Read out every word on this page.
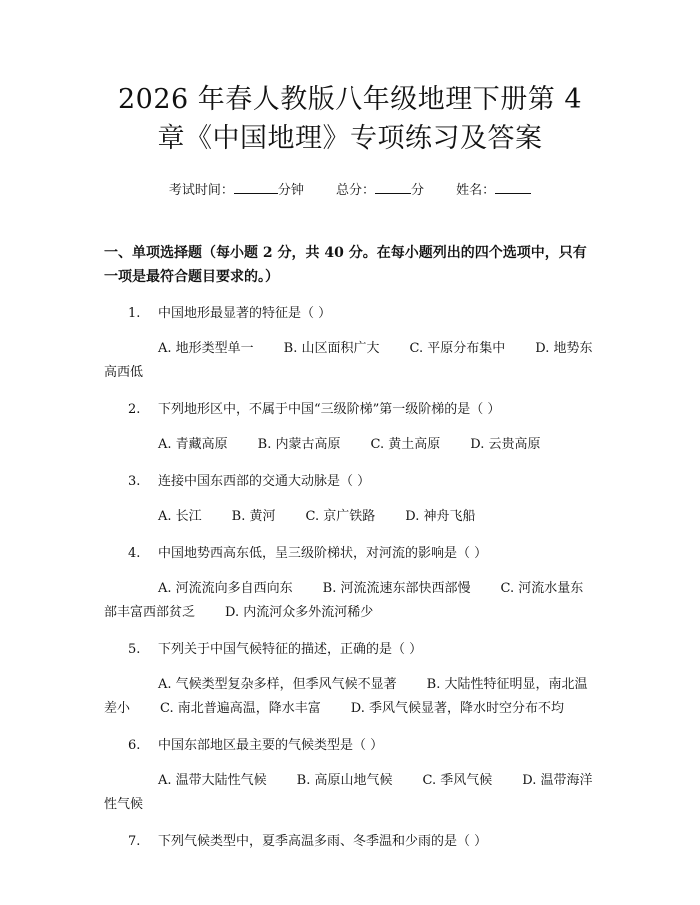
2026 年春人教版八年级地理下册第 4 章《中国地理》专项练习及答案
考试时间：	分钟 总分：	分 姓名：
一、单项选择题（每小题 2 分，共 40 分。在每小题列出的四个选项中，只有一项是最符合题目要求的。）
1. 中国地形最显著的特征是（ ）
A. 地形类型单一 B. 山区面积广大 C. 平原分布集中 D. 地势东高西低
2. 下列地形区中，不属于中国“三级阶梯”第一级阶梯的是（ ）
A. 青藏高原 B. 内蒙古高原 C. 黄土高原 D. 云贵高原
3. 连接中国东西部的交通大动脉是（ ）
A. 长江 B. 黄河 C. 京广铁路 D. 神舟飞船
4. 中国地势西高东低，呈三级阶梯状，对河流的影响是（ ）
A. 河流流向多自西向东 B. 河流流速东部快西部慢 C. 河流水量东部丰富西部贫乏 D. 内流河众多外流河稀少
5. 下列关于中国气候特征的描述，正确的是（ ）
A. 气候类型复杂多样，但季风气候不显著 B. 大陆性特征明显，南北温差小 C. 南北普遍高温，降水丰富 D. 季风气候显著，降水时空分布不均
6. 中国东部地区最主要的气候类型是（ ）
A. 温带大陆性气候 B. 高原山地气候 C. 季风气候 D. 温带海洋性气候
7. 下列气候类型中，夏季高温多雨、冬季温和少雨的是（ ）
